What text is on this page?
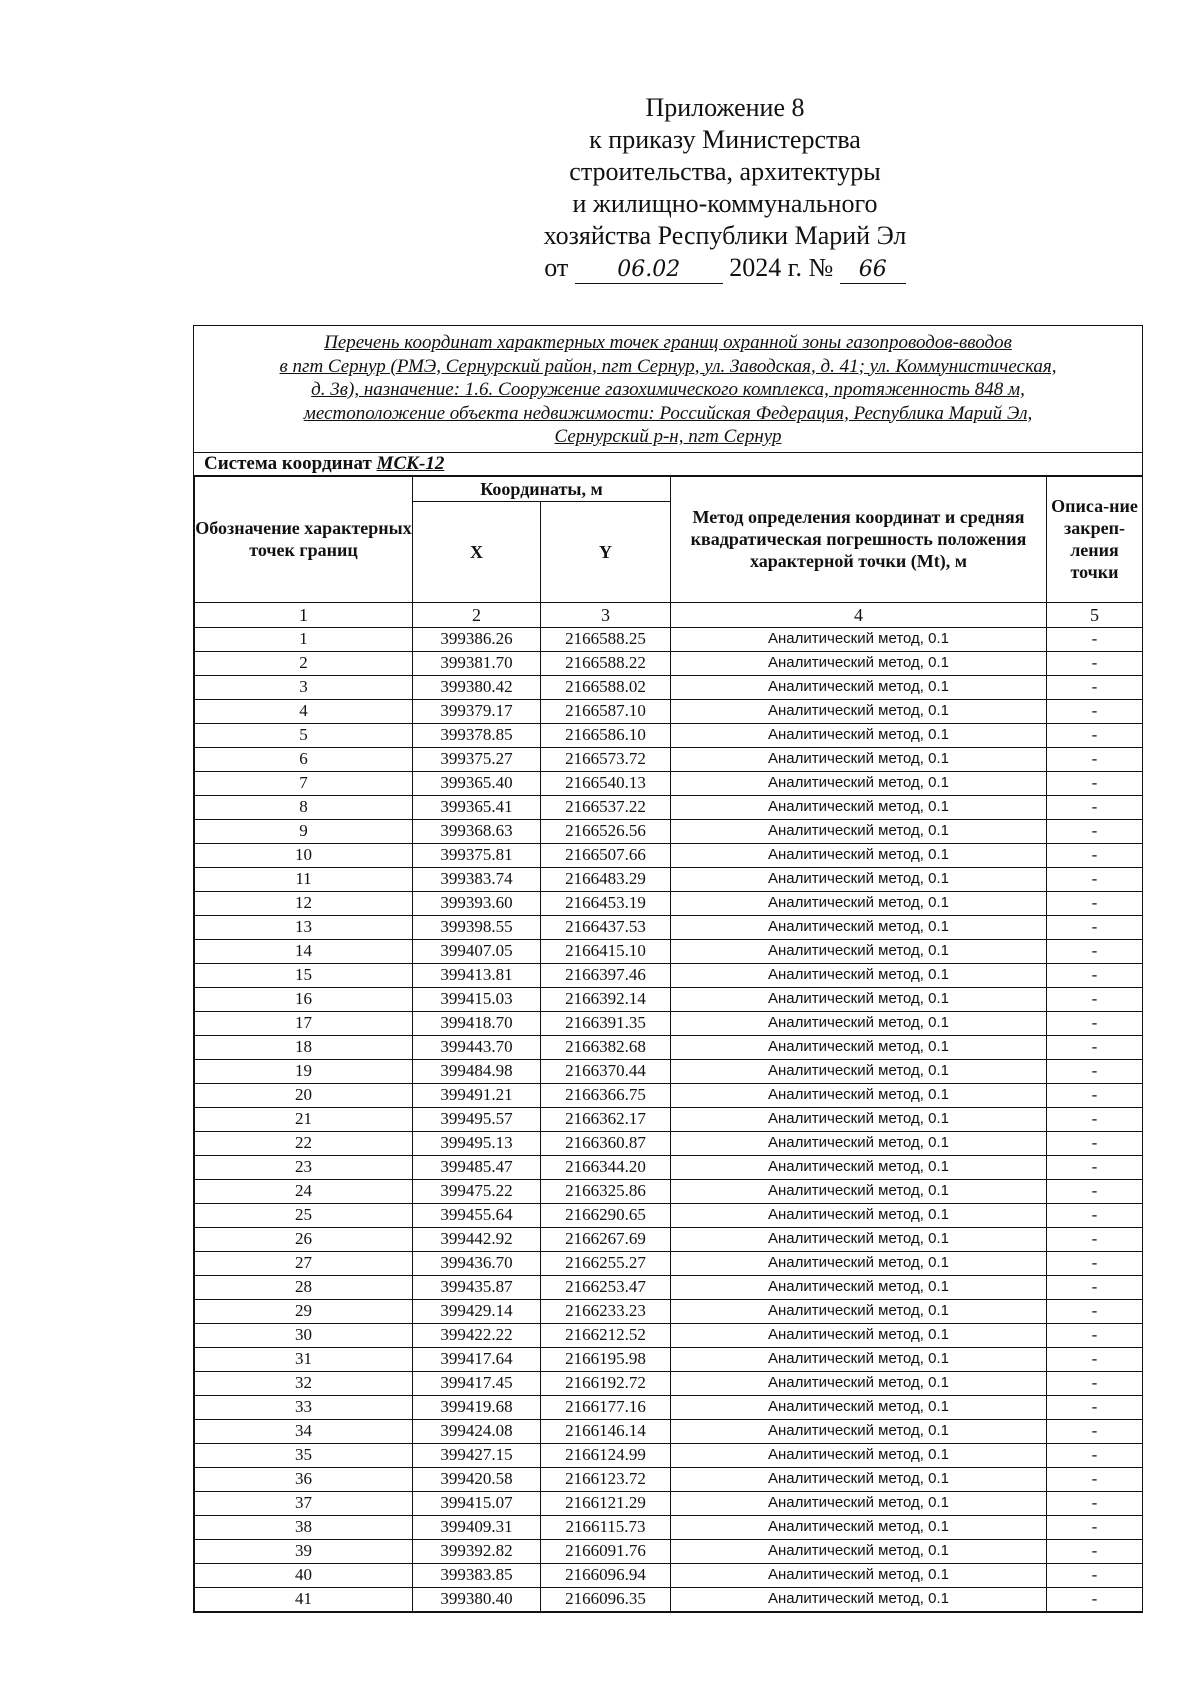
Приложение 8
к приказу Министерства
строительства, архитектуры
и жилищно-коммунального
хозяйства Республики Марий Эл
от 06.02 2024 г. № 66
Перечень координат характерных точек границ охранной зоны газопроводов-вводов
в пгт Сернур (РМЭ, Сернурский район, пгт Сернур, ул. Заводская, д. 41; ул. Коммунистическая,
д. 3в), назначение: 1.6. Сооружение газохимического комплекса, протяженность 848 м,
местоположение объекта недвижимости: Российская Федерация, Республика Марий Эл,
Сернурский р-н, пгт Сернур
Система координат МСК-12
Обозначение характерных точек границ	Координаты, м		Метод определения координат и средняя квадратическая погрешность положения характерной точки (Mt), м	Описа-ние закреп-ления точки
	X	Y		
1	2	3	4	5
1	399386.26	2166588.25	Аналитический метод, 0.1	-
2	399381.70	2166588.22	Аналитический метод, 0.1	-
3	399380.42	2166588.02	Аналитический метод, 0.1	-
4	399379.17	2166587.10	Аналитический метод, 0.1	-
5	399378.85	2166586.10	Аналитический метод, 0.1	-
6	399375.27	2166573.72	Аналитический метод, 0.1	-
7	399365.40	2166540.13	Аналитический метод, 0.1	-
8	399365.41	2166537.22	Аналитический метод, 0.1	-
9	399368.63	2166526.56	Аналитический метод, 0.1	-
10	399375.81	2166507.66	Аналитический метод, 0.1	-
11	399383.74	2166483.29	Аналитический метод, 0.1	-
12	399393.60	2166453.19	Аналитический метод, 0.1	-
13	399398.55	2166437.53	Аналитический метод, 0.1	-
14	399407.05	2166415.10	Аналитический метод, 0.1	-
15	399413.81	2166397.46	Аналитический метод, 0.1	-
16	399415.03	2166392.14	Аналитический метод, 0.1	-
17	399418.70	2166391.35	Аналитический метод, 0.1	-
18	399443.70	2166382.68	Аналитический метод, 0.1	-
19	399484.98	2166370.44	Аналитический метод, 0.1	-
20	399491.21	2166366.75	Аналитический метод, 0.1	-
21	399495.57	2166362.17	Аналитический метод, 0.1	-
22	399495.13	2166360.87	Аналитический метод, 0.1	-
23	399485.47	2166344.20	Аналитический метод, 0.1	-
24	399475.22	2166325.86	Аналитический метод, 0.1	-
25	399455.64	2166290.65	Аналитический метод, 0.1	-
26	399442.92	2166267.69	Аналитический метод, 0.1	-
27	399436.70	2166255.27	Аналитический метод, 0.1	-
28	399435.87	2166253.47	Аналитический метод, 0.1	-
29	399429.14	2166233.23	Аналитический метод, 0.1	-
30	399422.22	2166212.52	Аналитический метод, 0.1	-
31	399417.64	2166195.98	Аналитический метод, 0.1	-
32	399417.45	2166192.72	Аналитический метод, 0.1	-
33	399419.68	2166177.16	Аналитический метод, 0.1	-
34	399424.08	2166146.14	Аналитический метод, 0.1	-
35	399427.15	2166124.99	Аналитический метод, 0.1	-
36	399420.58	2166123.72	Аналитический метод, 0.1	-
37	399415.07	2166121.29	Аналитический метод, 0.1	-
38	399409.31	2166115.73	Аналитический метод, 0.1	-
39	399392.82	2166091.76	Аналитический метод, 0.1	-
40	399383.85	2166096.94	Аналитический метод, 0.1	-
41	399380.40	2166096.35	Аналитический метод, 0.1	-
